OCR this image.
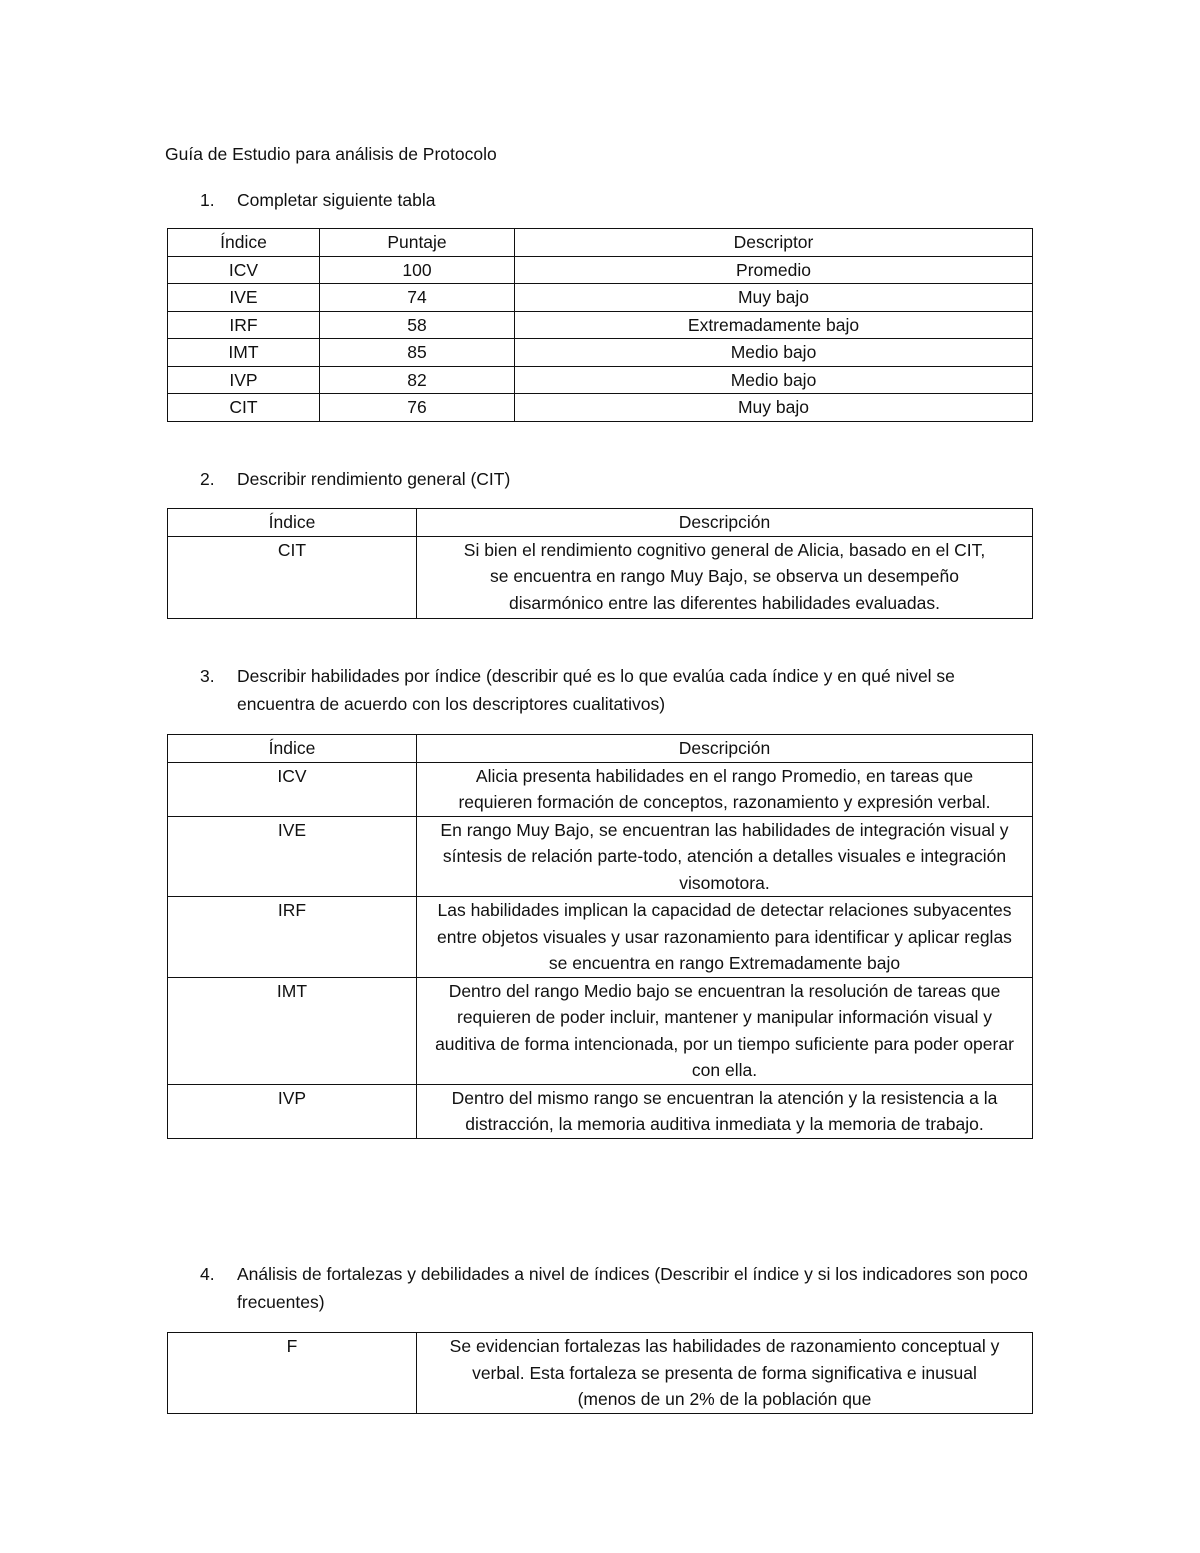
Guía de Estudio para análisis de Protocolo
1.	Completar siguiente tabla
Índice	Puntaje	Descriptor
ICV	100	Promedio
IVE	74	Muy bajo
IRF	58	Extremadamente bajo
IMT	85	Medio bajo
IVP	82	Medio bajo
CIT	76	Muy bajo
2.	Describir rendimiento general (CIT)
Índice	Descripción
CIT	Si bien el rendimiento cognitivo general de Alicia, basado en el CIT, se encuentra en rango Muy Bajo, se observa un desempeño disarmónico entre las diferentes habilidades evaluadas.
3.	Describir habilidades por índice (describir qué es lo que evalúa cada índice y en qué nivel se encuentra de acuerdo con los descriptores cualitativos)
Índice	Descripción
ICV	Alicia presenta habilidades en el rango Promedio, en tareas que requieren formación de conceptos, razonamiento y expresión verbal.
IVE	En rango Muy Bajo, se encuentran las habilidades de integración visual y síntesis de relación parte-todo, atención a detalles visuales e integración visomotora.
IRF	Las habilidades implican la capacidad de detectar relaciones subyacentes entre objetos visuales y usar razonamiento para identificar y aplicar reglas se encuentra en rango Extremadamente bajo
IMT	Dentro del rango Medio bajo se encuentran la resolución de tareas que requieren de poder incluir, mantener y manipular información visual y auditiva de forma intencionada, por un tiempo suficiente para poder operar con ella.
IVP	Dentro del mismo rango se encuentran la atención y la resistencia a la distracción, la memoria auditiva inmediata y la memoria de trabajo.
4.	Análisis de fortalezas y debilidades a nivel de índices (Describir el índice y si los indicadores son poco frecuentes)
F	Se evidencian fortalezas las habilidades de razonamiento conceptual y verbal. Esta fortaleza se presenta de forma significativa e inusual (menos de un 2% de la población que
